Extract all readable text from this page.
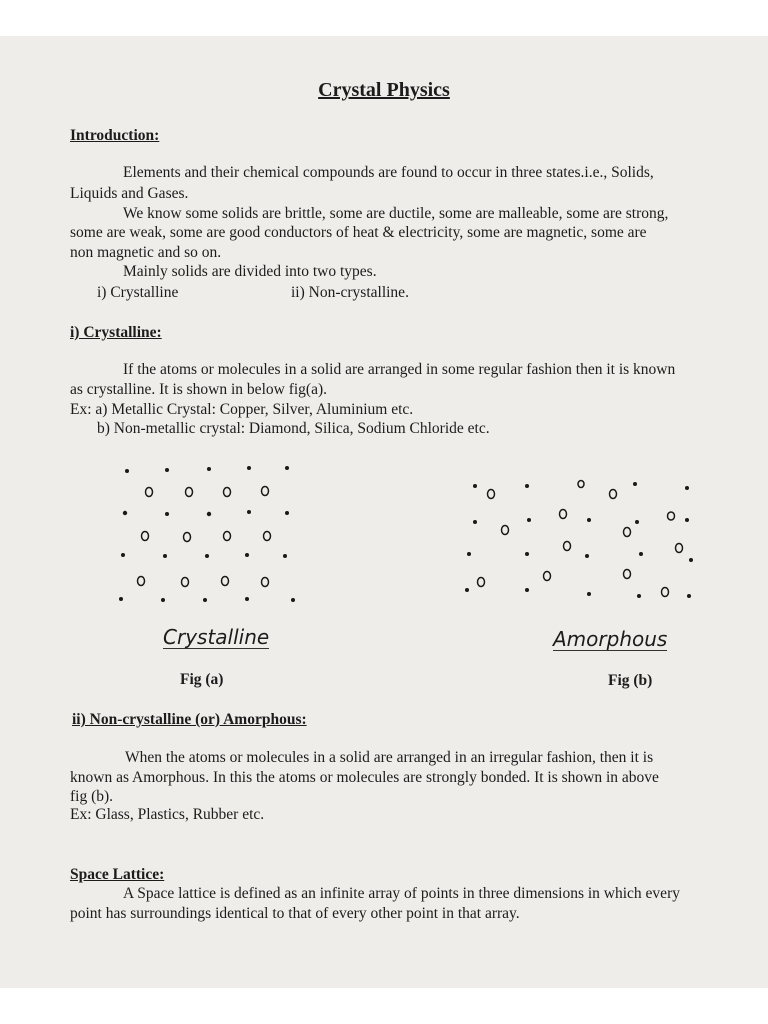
Crystal Physics
Introduction:
Elements and their chemical compounds are found to occur in three states.i.e., Solids,
Liquids and Gases.
We know some solids are brittle, some are ductile, some are malleable, some are strong,
some are weak, some are good conductors of heat & electricity, some are magnetic, some are
non magnetic and so on.
Mainly solids are divided into two types.
i) Crystalline	ii) Non-crystalline.
i) Crystalline:
If the atoms or molecules in a solid are arranged in some regular fashion then it is known
as crystalline. It is shown in below fig(a).
Ex: a) Metallic Crystal: Copper, Silver, Aluminium etc.
b) Non-metallic crystal: Diamond, Silica, Sodium Chloride etc.
Crystalline	Amorphous
Fig (a)	Fig (b)
ii) Non-crystalline (or) Amorphous:
When the atoms or molecules in a solid are arranged in an irregular fashion, then it is
known as Amorphous. In this the atoms or molecules are strongly bonded. It is shown in above
fig (b).
Ex: Glass, Plastics, Rubber etc.
Space Lattice:
A Space lattice is defined as an infinite array of points in three dimensions in which every
point has surroundings identical to that of every other point in that array.
